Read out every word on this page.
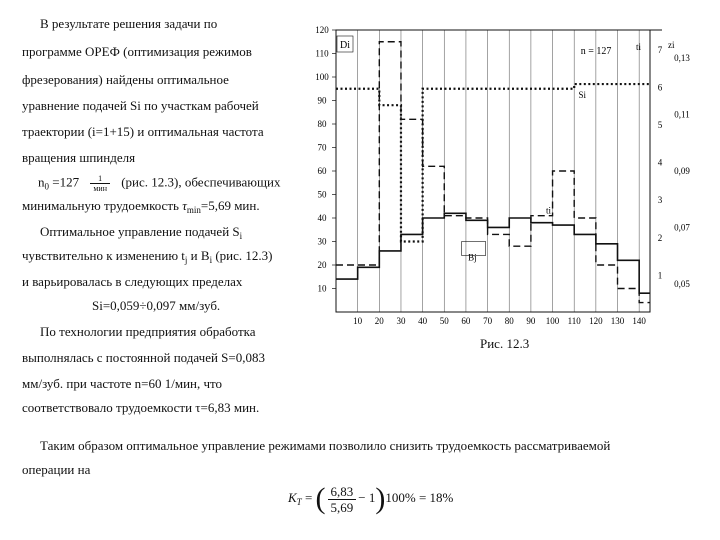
В результате решения задачи по
программе ОРЕФ (оптимизация режимов
фрезерования) найдены оптимальное
уравнение подачей Si по участкам рабочей
траектории (i=1+15) и оптимальная частота
вращения шпинделя
$n_0 =127 \frac{1}{\text{мин}} (рис$. 12.3), обеспечивающих
минимальную трудоемкость $\tau_{min}=5,69$ мин.
Оптимальное управление подачей $S_i$
чувствительно к изменению $t_j$ и $B_i$ (рис. 12.3)
и варьировалась в следующих пределах
Si=0,059÷0,097 мм/зуб.
По технологии предприятия обработка
выполнялась с постоянной подачей S=0,083
мм/зуб. при частоте n=60 1/мин, что
соответствовало трудоемкости τ=6,83 мин.
Рис. 12.3
Таким образом оптимальное управление режимами позволило снизить трудоемкость рассматриваемой
операции на
$K_T$ = ( $\frac{6,83}{5,69} - 1)100\% = 18\%$
10 20 30 40 50 60 70 80 90 100 110 120 130 140
120
110
100
90
80
70
60
50
40
30
20
10
0,13
0,11
0,09
0,07
0,05
7
6
5
4
3
2
1
Di
n = 127
Si
ti
Bj
ti	zi
